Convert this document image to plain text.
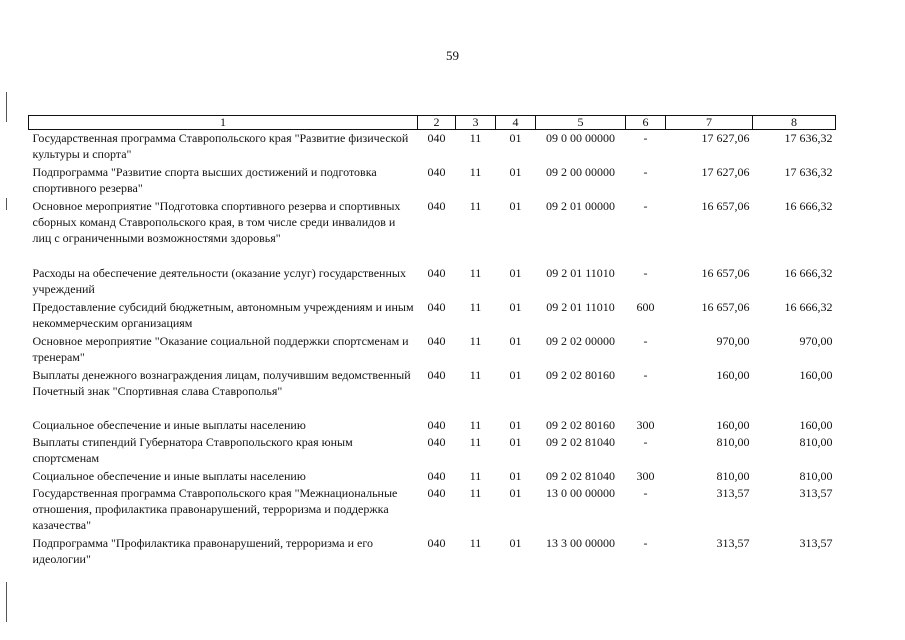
59
1	2	3	4	5	6	7	8
Государственная программа Ставропольского края "Развитие физической культуры и спорта"	040	11	01	09 0 00 00000	-	17 627,06	17 636,32
Подпрограмма "Развитие спорта высших достижений и подготовка спортивного резерва"	040	11	01	09 2 00 00000	-	17 627,06	17 636,32
Основное мероприятие "Подготовка спортивного резерва и спортивных сборных команд Ставропольского края, в том числе среди инвалидов и лиц с ограниченными возможностями здоровья"	040	11	01	09 2 01 00000	-	16 657,06	16 666,32
Расходы на обеспечение деятельности (оказание услуг) государственных учреждений	040	11	01	09 2 01 11010	-	16 657,06	16 666,32
Предоставление субсидий бюджетным, автономным учреждениям и иным некоммерческим организациям	040	11	01	09 2 01 11010	600	16 657,06	16 666,32
Основное мероприятие "Оказание социальной поддержки спортсменам и тренерам"	040	11	01	09 2 02 00000	-	970,00	970,00
Выплаты денежного вознаграждения лицам, получившим ведомственный Почетный знак "Спортивная слава Ставрополья"	040	11	01	09 2 02 80160	-	160,00	160,00
Социальное обеспечение и иные выплаты населению	040	11	01	09 2 02 80160	300	160,00	160,00
Выплаты стипендий Губернатора Ставропольского края юным спортсменам	040	11	01	09 2 02 81040	-	810,00	810,00
Социальное обеспечение и иные выплаты населению	040	11	01	09 2 02 81040	300	810,00	810,00
Государственная программа Ставропольского края "Межнациональные отношения, профилактика правонарушений, терроризма и поддержка казачества"	040	11	01	13 0 00 00000	-	313,57	313,57
Подпрограмма "Профилактика правонарушений, терроризма и его идеологии"	040	11	01	13 3 00 00000	-	313,57	313,57
